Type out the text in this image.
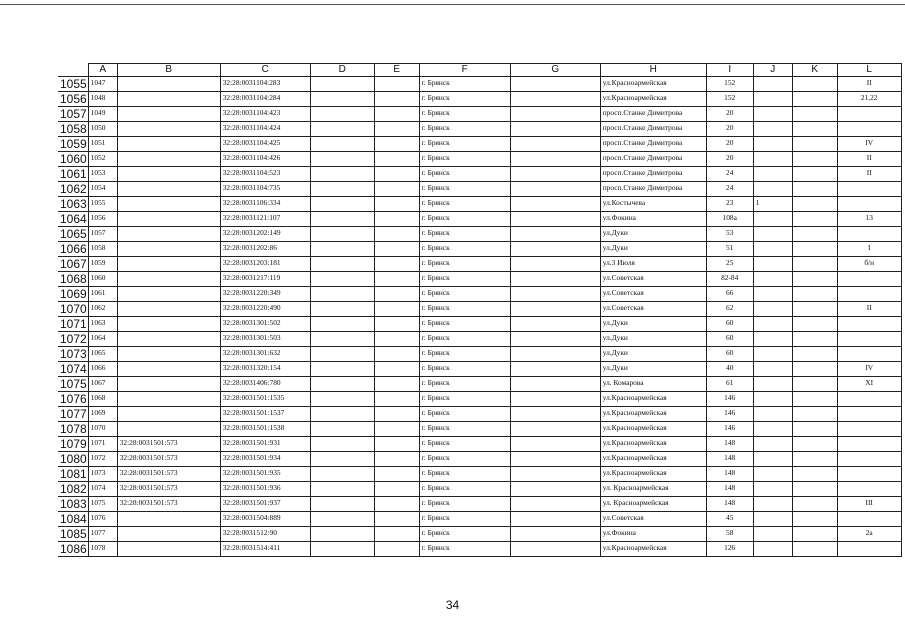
	A	B	C	D	E	F	G	H	I	J	K	L
1055	1047		32:28:0031104:283			г. Брянск		ул.Красноармейская	152			II
1056	1048		32:28:0031104:284			г. Брянск		ул.Красноармейская	152			21,22
1057	1049		32:28:0031104:423			г. Брянск		просп.Станке Димитрова	20			
1058	1050		32:28:0031104:424			г. Брянск		просп.Станке Димитрова	20			
1059	1051		32:28:0031104:425			г. Брянск		просп.Станке Димитрова	20			IV
1060	1052		32:28:0031104:426			г. Брянск		просп.Станке Димитрова	20			II
1061	1053		32:28:0031104:523			г. Брянск		просп.Станке Димитрова	24			II
1062	1054		32:28:0031104:735			г. Брянск		просп.Станке Димитрова	24			
1063	1055		32:28:0031106:334			г. Брянск		ул.Костычева	23	1		
1064	1056		32:28:0031121:107			г. Брянск		ул.Фокина	108а			13
1065	1057		32:28:0031202:149			г. Брянск		ул.Дуки	53			
1066	1058		32:28:0031202:86			г. Брянск		ул.Дуки	51			I
1067	1059		32:28:0031203:181			г. Брянск		ул.3 Июля	25			б/н
1068	1060		32:28:0031217:119			г. Брянск		ул.Советская	82-84			
1069	1061		32:28:0031220:349			г. Брянск		ул.Советская	66			
1070	1062		32:28:0031220:490			г. Брянск		ул.Советская	62			II
1071	1063		32:28:0031301:502			г. Брянск		ул.Дуки	60			
1072	1064		32:28:0031301:503			г. Брянск		ул.Дуки	60			
1073	1065		32:28:0031301:632			г. Брянск		ул.Дуки	60			
1074	1066		32:28:0031320:154			г. Брянск		ул.Дуки	40			IV
1075	1067		32:28:0031406:780			г. Брянск		ул. Комарова	61			XI
1076	1068		32:28:0031501:1535			г. Брянск		ул.Красноармейская	146			
1077	1069		32:28:0031501:1537			г. Брянск		ул.Красноармейская	146			
1078	1070		32:28:0031501:1538			г. Брянск		ул.Красноармейская	146			
1079	1071	32:28:0031501:573	32:28:0031501:931			г. Брянск		ул.Красноармейская	148			
1080	1072	32:28:0031501:573	32:28:0031501:934			г. Брянск		ул.Красноармейская	148			
1081	1073	32:28:0031501:573	32:28:0031501:935			г. Брянск		ул.Красноармейская	148			
1082	1074	32:28:0031501:573	32:28:0031501:936			г. Брянск		ул. Красноармейская	148			
1083	1075	32:28:0031501:573	32:28:0031501:937			г. Брянск		ул. Красноармейская	148			III
1084	1076		32:28:0031504:889			г. Брянск		ул.Советская	45			
1085	1077		32:28:0031512:90			г. Брянск		ул.Фокина	58			2а
1086	1078		32:28:0031514:411			г. Брянск		ул.Красноармейская	126			
34
